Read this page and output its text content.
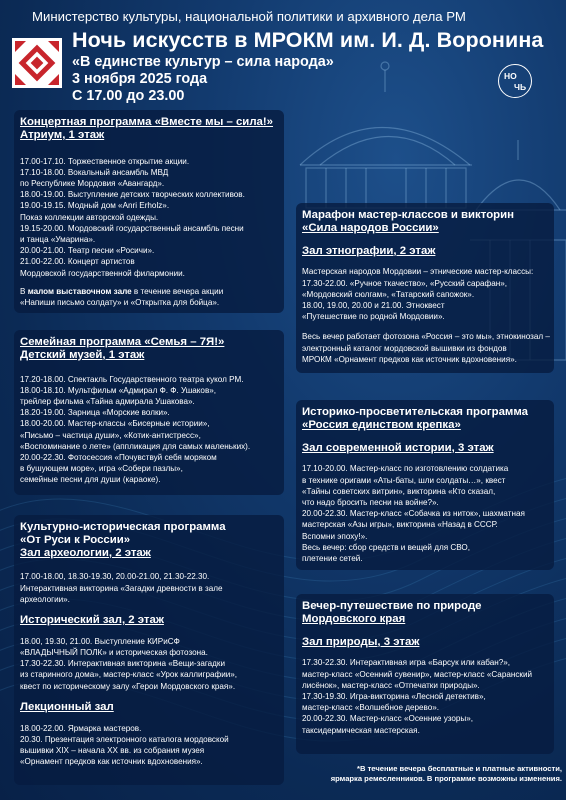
Министерство культуры, национальной политики и архивного дела РМ
Ночь искусств в МРОКМ им. И. Д. Воронина
«В единстве культур – сила народа»
3 ноября 2025 года
С 17.00 до 23.00
НО
ЧЬ
Концертная программа «Вместе мы – сила!»
Атриум, 1 этаж
17.00-17.10. Торжественное открытие акции.
17.10-18.00. Вокальный ансамбль МВД
по Республике Мордовия «Авангард».
18.00-19.00. Выступление детских творческих коллективов.
19.00-19.15. Модный дом «Anri Erholz».
Показ коллекции авторской одежды.
19.15-20.00. Мордовский государственный ансамбль песни
и танца «Умарина».
20.00-21.00. Театр песни «Росичи».
21.00-22.00. Концерт артистов
Мордовской государственной филармонии.
В малом выставочном зале в течение вечера акции
«Напиши письмо солдату» и «Открытка для бойца».
Семейная программа «Семья – 7Я!»
Детский музей, 1 этаж
17.20-18.00. Спектакль Государственного театра кукол РМ.
18.00-18.10. Мультфильм «Адмирал Ф. Ф. Ушаков»,
трейлер фильма «Тайна адмирала Ушакова».
18.20-19.00. Зарница «Морские волки».
18.00-20.00. Мастер-классы «Бисерные истории»,
«Письмо – частица души», «Котик-антистресс»,
«Воспоминание о лете» (аппликация для самых маленьких).
20.00-22.30. Фотосессия «Почувствуй себя моряком
в бушующем море», игра «Собери пазлы»,
семейные песни для души (караоке).
Культурно-историческая программа
«От Руси к России»
Зал археологии, 2 этаж
17.00-18.00, 18.30-19.30, 20.00-21.00, 21.30-22.30.
Интерактивная викторина «Загадки древности в зале
археологии».
Исторический зал, 2 этаж
18.00, 19.30, 21.00. Выступление КИРиСФ
«ВЛАДЫЧНЫЙ ПОЛК» и историческая фотозона.
17.30-22.30. Интерактивная викторина «Вещи-загадки
из старинного дома», мастер-класс «Урок каллиграфии»,
квест по историческому залу «Герои Мордовского края».
Лекционный зал
18.00-22.00. Ярмарка мастеров.
20.30. Презентация электронного каталога мордовской
вышивки XIX – начала XX вв. из собрания музея
«Орнамент предков как источник вдохновения».
Марафон мастер-классов и викторин
«Сила народов России»
Зал этнографии, 2 этаж
Мастерская народов Мордовии – этнические мастер-классы:
17.30-22.00. «Ручное ткачество», «Русский сарафан»,
«Мордовский сюлгам», «Татарский сапожок».
18.00, 19.00, 20.00 и 21.00. Этноквест
«Путешествие по родной Мордовии».
Весь вечер работает фотозона «Россия – это мы», этнокинозал –
электронный каталог мордовской вышивки из фондов
МРОКМ «Орнамент предков как источник вдохновения».
Историко-просветительская программа
«Россия единством крепка»
Зал современной истории, 3 этаж
17.10-20.00. Мастер-класс по изготовлению солдатика
в технике оригами «Аты-баты, шли солдаты…», квест
«Тайны советских витрин», викторина «Кто сказал,
что надо бросить песни на войне?».
20.00-22.30. Мастер-класс «Собачка из ниток», шахматная
мастерская «Азы игры», викторина «Назад в СССР.
Вспомни эпоху!».
Весь вечер: сбор средств и вещей для СВО,
плетение сетей.
Вечер-путешествие по природе
Мордовского края
Зал природы, 3 этаж
17.30-22.30. Интерактивная игра «Барсук или кабан?»,
мастер-класс «Осенний сувенир», мастер-класс «Саранский
лисёнок», мастер-класс «Отпечатки природы».
17.30-19.30. Игра-викторина «Лесной детектив»,
мастер-класс «Волшебное дерево».
20.00-22.30. Мастер-класс «Осенние узоры»,
таксидермическая мастерская.
*В течение вечера бесплатные и платные активности,
ярмарка ремесленников. В программе возможны изменения.
